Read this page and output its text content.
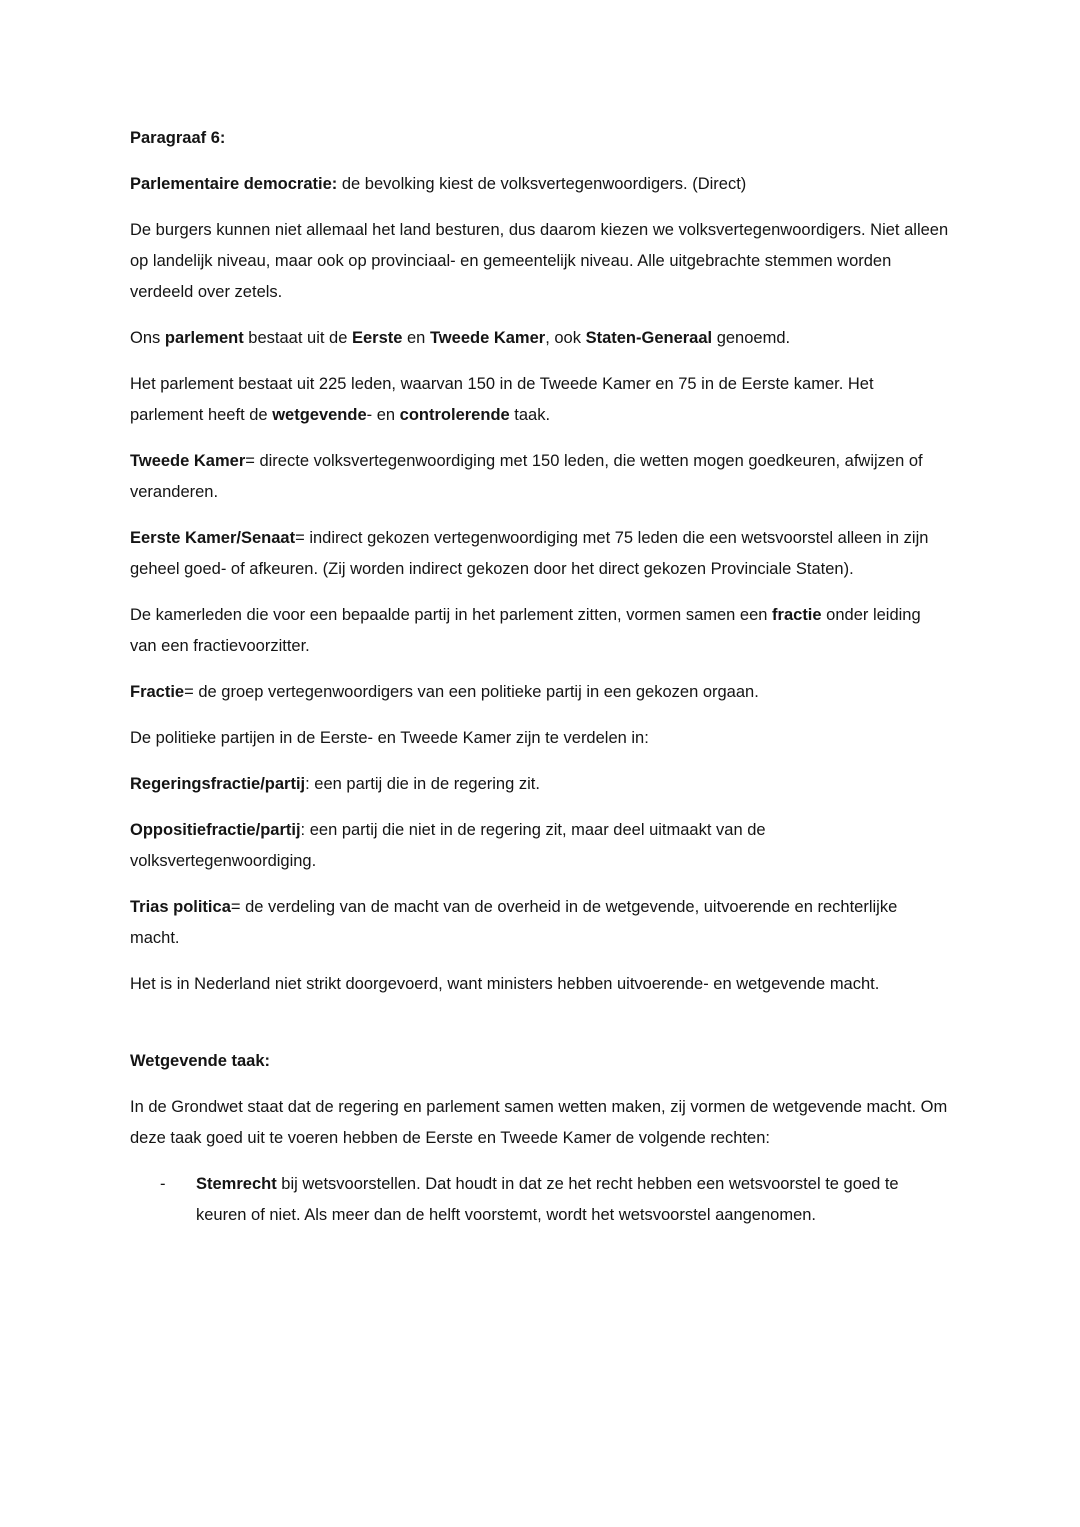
Paragraaf 6:

Parlementaire democratie: de bevolking kiest de volksvertegenwoordigers. (Direct)

De burgers kunnen niet allemaal het land besturen, dus daarom kiezen we volksvertegenwoordigers. Niet alleen op landelijk niveau, maar ook op provinciaal- en gemeentelijk niveau. Alle uitgebrachte stemmen worden verdeeld over zetels.

Ons parlement bestaat uit de Eerste en Tweede Kamer, ook Staten-Generaal genoemd.

Het parlement bestaat uit 225 leden, waarvan 150 in de Tweede Kamer en 75 in de Eerste kamer. Het parlement heeft de wetgevende- en controlerende taak.

Tweede Kamer= directe volksvertegenwoordiging met 150 leden, die wetten mogen goedkeuren, afwijzen of veranderen.

Eerste Kamer/Senaat= indirect gekozen vertegenwoordiging met 75 leden die een wetsvoorstel alleen in zijn geheel goed- of afkeuren. (Zij worden indirect gekozen door het direct gekozen Provinciale Staten).

De kamerleden die voor een bepaalde partij in het parlement zitten, vormen samen een fractie onder leiding van een fractievoorzitter.

Fractie= de groep vertegenwoordigers van een politieke partij in een gekozen orgaan.

De politieke partijen in de Eerste- en Tweede Kamer zijn te verdelen in:

Regeringsfractie/partij: een partij die in de regering zit.

Oppositiefractie/partij: een partij die niet in de regering zit, maar deel uitmaakt van de volksvertegenwoordiging.

Trias politica= de verdeling van de macht van de overheid in de wetgevende, uitvoerende en rechterlijke macht.

Het is in Nederland niet strikt doorgevoerd, want ministers hebben uitvoerende- en wetgevende macht.

Wetgevende taak:

In de Grondwet staat dat de regering en parlement samen wetten maken, zij vormen de wetgevende macht. Om deze taak goed uit te voeren hebben de Eerste en Tweede Kamer de volgende rechten:

-	Stemrecht bij wetsvoorstellen. Dat houdt in dat ze het recht hebben een wetsvoorstel te goed te keuren of niet. Als meer dan de helft voorstemt, wordt het wetsvoorstel aangenomen.
